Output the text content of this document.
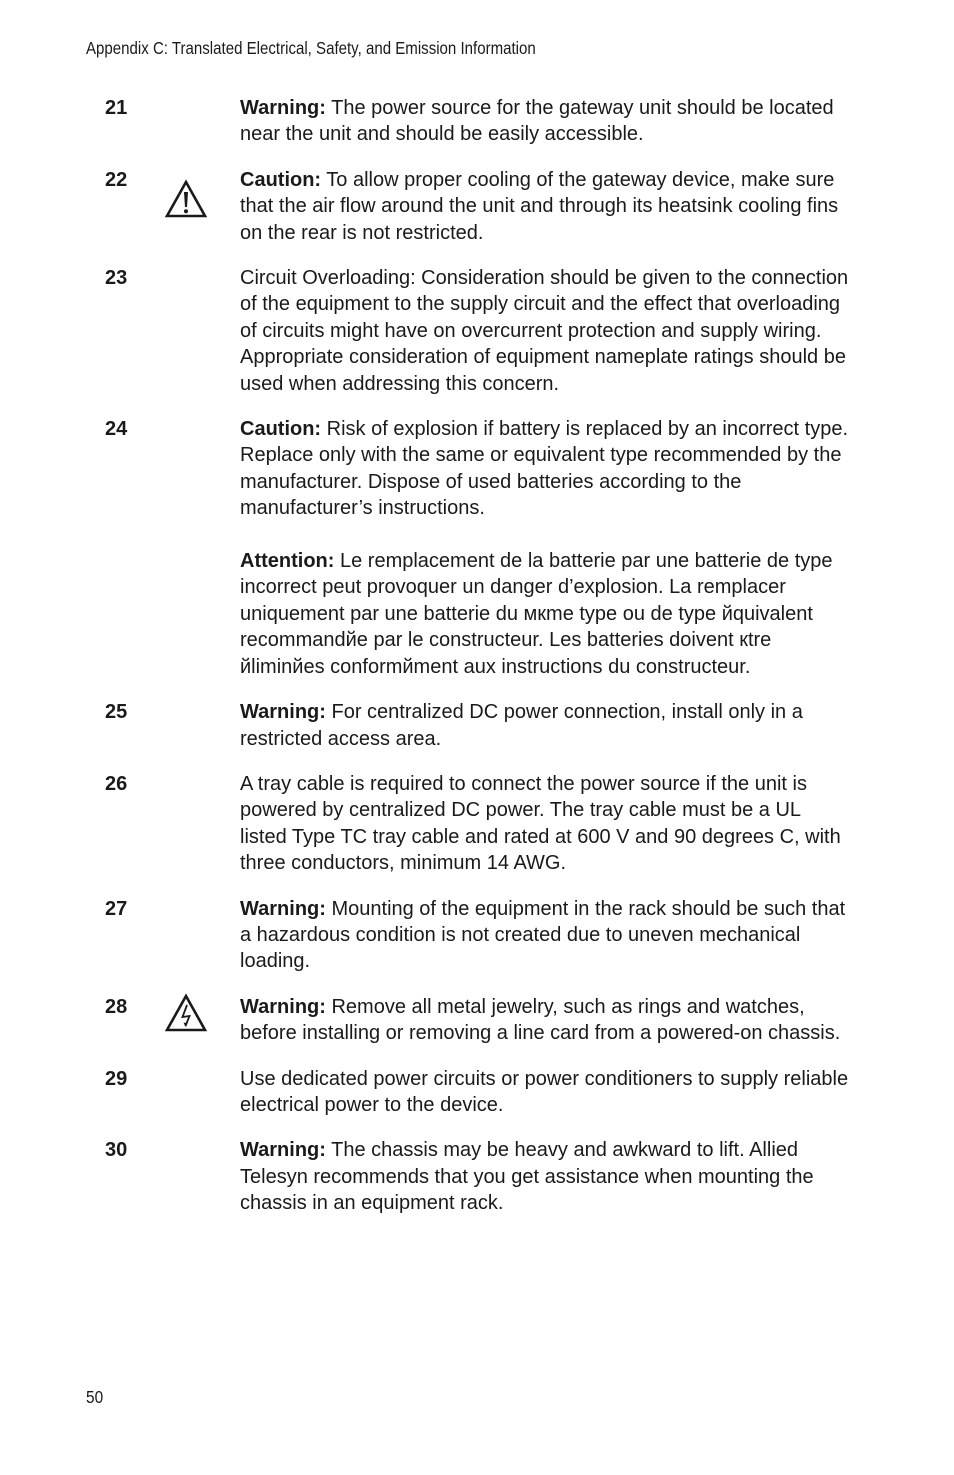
Appendix C: Translated Electrical, Safety, and Emission Information
21	Warning: The power source for the gateway unit should be located near the unit and should be easily accessible.

22	Caution: To allow proper cooling of the gateway device, make sure that the air flow around the unit and through its heatsink cooling fins on the rear is not restricted.

23	Circuit Overloading: Consideration should be given to the connection of the equipment to the supply circuit and the effect that overloading of circuits might have on overcurrent protection and supply wiring. Appropriate consideration of equipment nameplate ratings should be used when addressing this concern.

24	Caution: Risk of explosion if battery is replaced by an incorrect type. Replace only with the same or equivalent type recommended by the manufacturer. Dispose of used batteries according to the manufacturer’s instructions.

Attention: Le remplacement de la batterie par une batterie de type incorrect peut provoquer un danger d’explosion. La remplacer uniquement par une batterie du мкme type ou de type йquivalent recommandйe par le constructeur. Les batteries doivent кtre йliminйes conformйment aux instructions du constructeur.

25	Warning: For centralized DC power connection, install only in a restricted access area.

26	A tray cable is required to connect the power source if the unit is powered by centralized DC power. The tray cable must be a UL listed Type TC tray cable and rated at 600 V and 90 degrees C, with three conductors, minimum 14 AWG.

27	Warning: Mounting of the equipment in the rack should be such that a hazardous condition is not created due to uneven mechanical loading.

28	Warning: Remove all metal jewelry, such as rings and watches, before installing or removing a line card from a powered-on chassis.

29	Use dedicated power circuits or power conditioners to supply reliable electrical power to the device.

30	Warning: The chassis may be heavy and awkward to lift. Allied Telesyn recommends that you get assistance when mounting the chassis in an equipment rack.

50
